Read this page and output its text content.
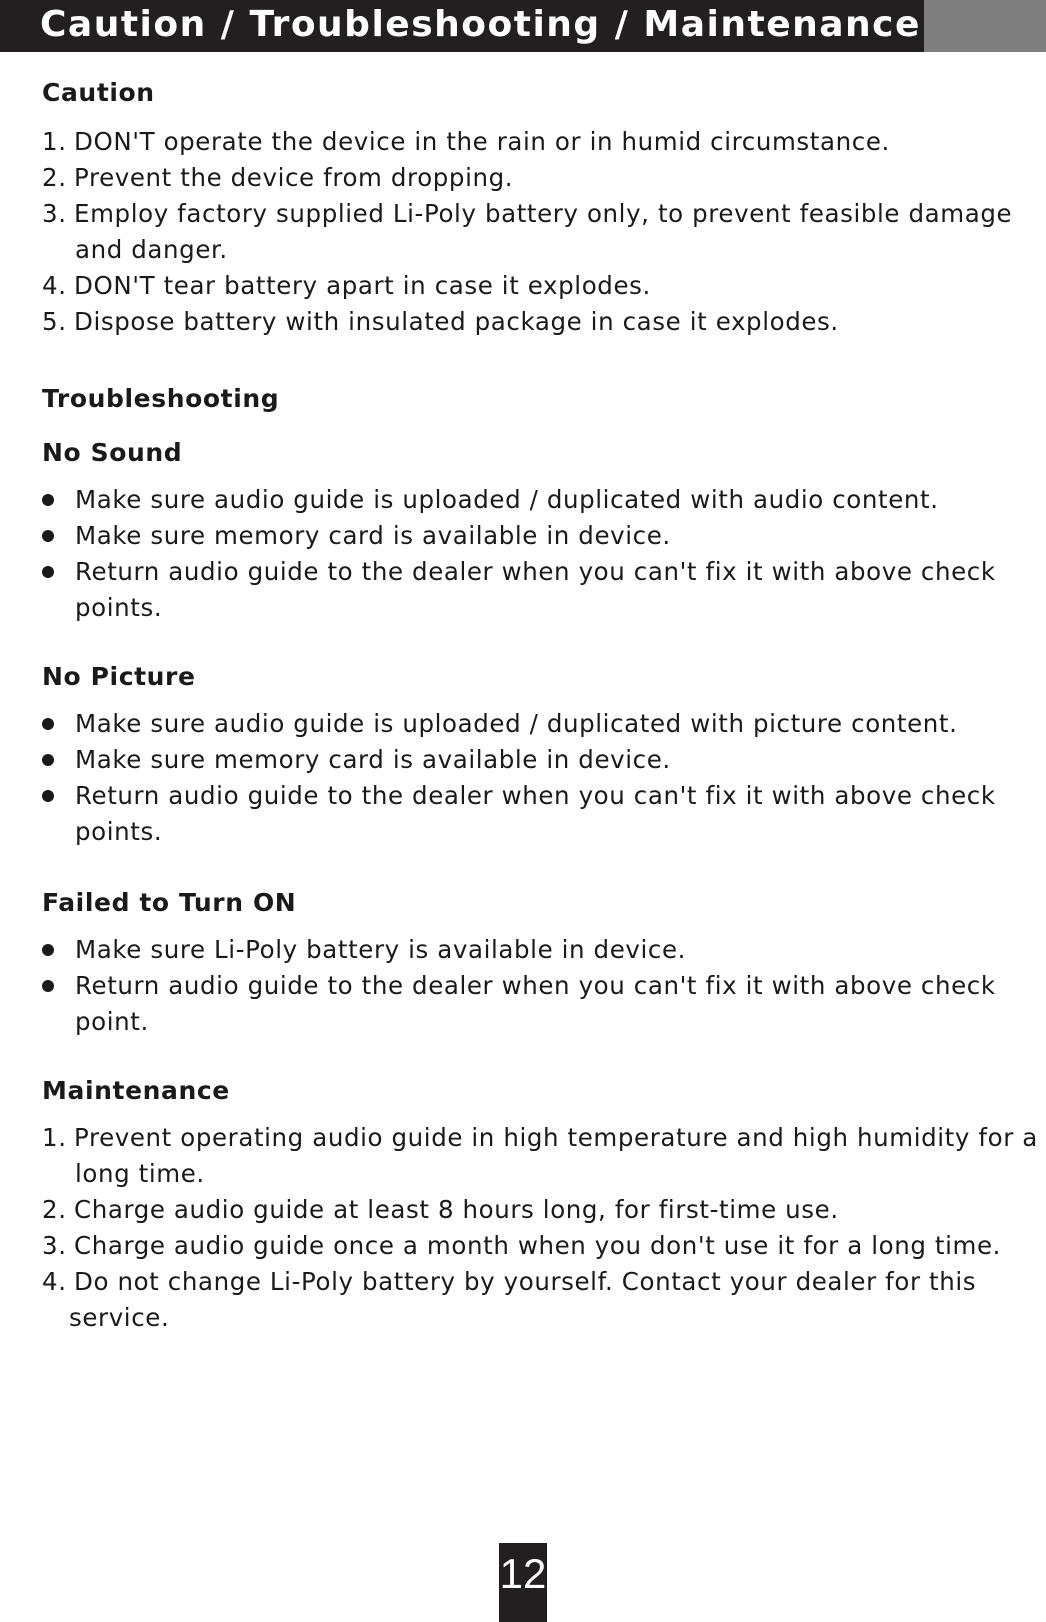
Caution / Troubleshooting / Maintenance
Caution
1. DON'T operate the device in the rain or in humid circumstance.
2. Prevent the device from dropping.
3. Employ factory supplied Li-Poly battery only, to prevent feasible damage
and danger.
4. DON'T tear battery apart in case it explodes.
5. Dispose battery with insulated package in case it explodes.
Troubleshooting
No Sound
Make sure audio guide is uploaded / duplicated with audio content.
Make sure memory card is available in device.
Return audio guide to the dealer when you can't fix it with above check
points.
No Picture
Make sure audio guide is uploaded / duplicated with picture content.
Make sure memory card is available in device.
Return audio guide to the dealer when you can't fix it with above check
points.
Failed to Turn ON
Make sure Li-Poly battery is available in device.
Return audio guide to the dealer when you can't fix it with above check
point.
Maintenance
1. Prevent operating audio guide in high temperature and high humidity for a
long time.
2. Charge audio guide at least 8 hours long, for first-time use.
3. Charge audio guide once a month when you don't use it for a long time.
4. Do not change Li-Poly battery by yourself. Contact your dealer for this
service.
12
